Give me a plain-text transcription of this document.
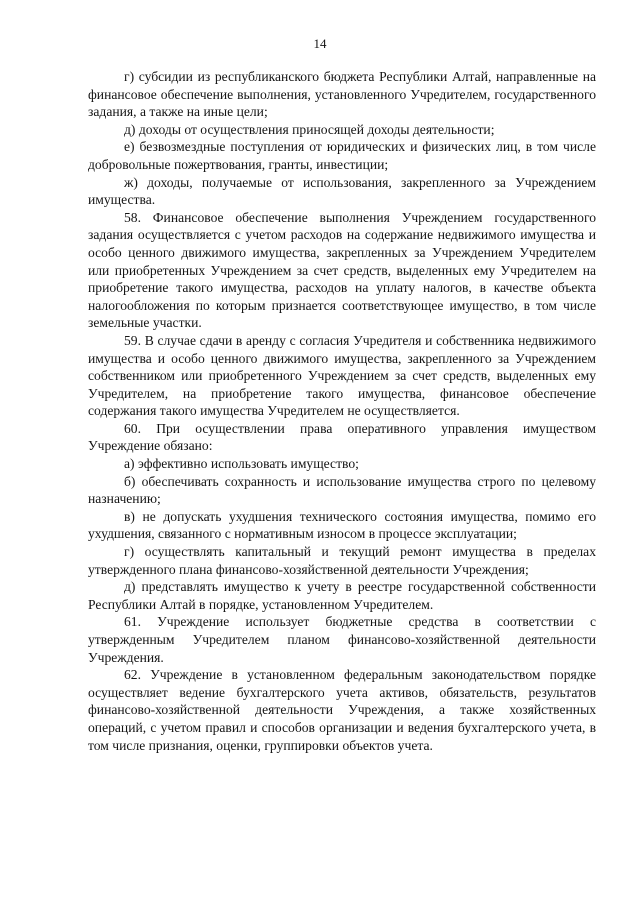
14

г) субсидии из республиканского бюджета Республики Алтай, направленные на финансовое обеспечение выполнения, установленного Учредителем, государственного задания, а также на иные цели;

д) доходы от осуществления приносящей доходы деятельности;

е) безвозмездные поступления от юридических и физических лиц, в том числе добровольные пожертвования, гранты, инвестиции;

ж) доходы, получаемые от использования, закрепленного за Учреждением имущества.

58. Финансовое обеспечение выполнения Учреждением государственного задания осуществляется с учетом расходов на содержание недвижимого имущества и особо ценного движимого имущества, закрепленных за Учреждением Учредителем или приобретенных Учреждением за счет средств, выделенных ему Учредителем на приобретение такого имущества, расходов на уплату налогов, в качестве объекта налогообложения по которым признается соответствующее имущество, в том числе земельные участки.

59. В случае сдачи в аренду с согласия Учредителя и собственника недвижимого имущества и особо ценного движимого имущества, закрепленного за Учреждением собственником или приобретенного Учреждением за счет средств, выделенных ему Учредителем, на приобретение такого имущества, финансовое обеспечение содержания такого имущества Учредителем не осуществляется.

60. При осуществлении права оперативного управления имуществом Учреждение обязано:

а) эффективно использовать имущество;

б) обеспечивать сохранность и использование имущества строго по целевому назначению;

в) не допускать ухудшения технического состояния имущества, помимо его ухудшения, связанного с нормативным износом в процессе эксплуатации;

г) осуществлять капитальный и текущий ремонт имущества в пределах утвержденного плана финансово-хозяйственной деятельности Учреждения;

д) представлять имущество к учету в реестре государственной собственности Республики Алтай в порядке, установленном Учредителем.

61. Учреждение использует бюджетные средства в соответствии с утвержденным Учредителем планом финансово-хозяйственной деятельности Учреждения.

62. Учреждение в установленном федеральным законодательством порядке осуществляет ведение бухгалтерского учета активов, обязательств, результатов финансово-хозяйственной деятельности Учреждения, а также хозяйственных операций, с учетом правил и способов организации и ведения бухгалтерского учета, в том числе признания, оценки, группировки объектов учета.
